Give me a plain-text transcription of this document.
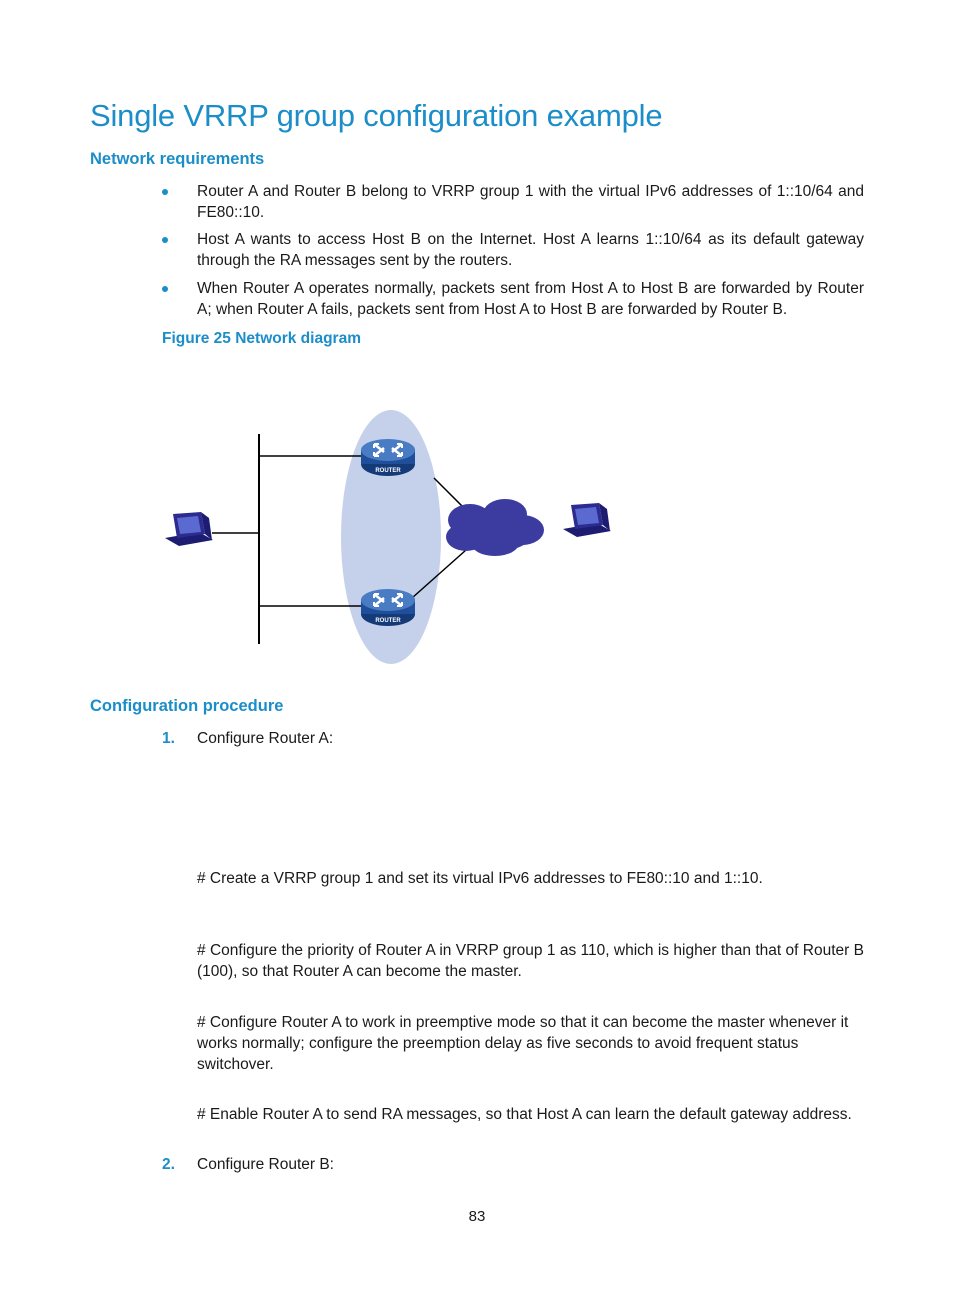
Single VRRP group configuration example
Network requirements
Router A and Router B belong to VRRP group 1 with the virtual IPv6 addresses of 1::10/64 and FE80::10.
Host A wants to access Host B on the Internet. Host A learns 1::10/64 as its default gateway through the RA messages sent by the routers.
When Router A operates normally, packets sent from Host A to Host B are forwarded by Router A; when Router A fails, packets sent from Host A to Host B are forwarded by Router B.
Figure 25 Network diagram
ROUTER
ROUTER
Configuration procedure
1. Configure Router A:
# Create a VRRP group 1 and set its virtual IPv6 addresses to FE80::10 and 1::10.
# Configure the priority of Router A in VRRP group 1 as 110, which is higher than that of Router B (100), so that Router A can become the master.
# Configure Router A to work in preemptive mode so that it can become the master whenever it works normally; configure the preemption delay as five seconds to avoid frequent status switchover.
# Enable Router A to send RA messages, so that Host A can learn the default gateway address.
2. Configure Router B:
83
